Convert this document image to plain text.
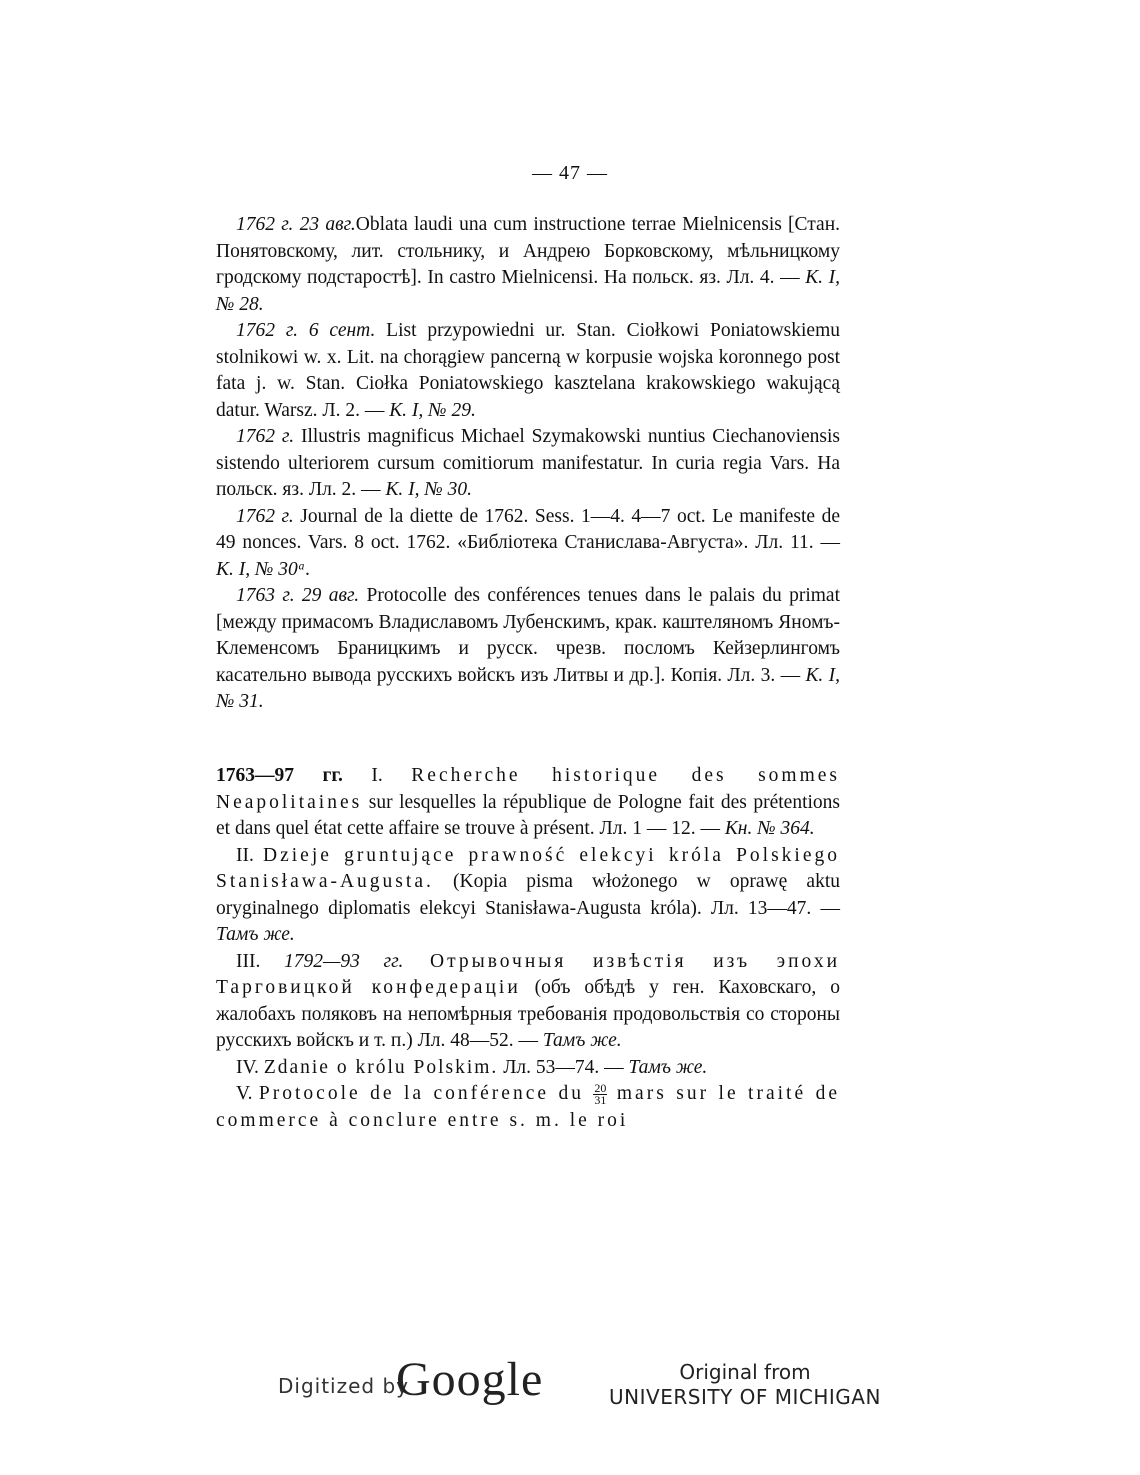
— 47 —

1762 г. 23 авг.Oblata laudi una cum instructione terrae Mielnicensis [Стан. Понятовскому, лит. стольнику, и Андрею Борковскому, мѣльницкому гродскому подстаростѣ]. In castro Mielnicensi. На польск. яз. Лл. 4. — К. I, № 28.

1762 г. 6 сент. List przypowiedni ur. Stan. Ciołkowi Poniatowskiemu stolnikowi w. x. Lit. na chorągiew pancerną w korpusie wojska koronnego post fata j. w. Stan. Ciołka Poniatowskiego kasztelana krakowskiego wakującą datur. Warsz. Л. 2. — К. I, № 29.

1762 г. Illustris magnificus Michael Szymakowski nuntius Ciechanoviensis sistendo ulteriorem cursum comitiorum manifestatur. In curia regia Vars. На польск. яз. Лл. 2. — К. I, № 30.

1762 г. Journal de la diette de 1762. Sess. 1—4. 4—7 oct. Le manifeste de 49 nonces. Vars. 8 oct. 1762. «Библіотека Станислава-Августа». Лл. 11. — К. I, № 30ᵃ.

1763 г. 29 авг. Protocolle des conférences tenues dans le palais du primat [между примасомъ Владиславомъ Лубенскимъ, крак. каштеляномъ Яномъ-Клеменсомъ Браницкимъ и русск. чрезв. посломъ Кейзерлингомъ касательно вывода русскихъ войскъ изъ Литвы и др.]. Копія. Лл. 3. — К. I, № 31.

1763—97 гг. I. Recherche historique des sommes Neapolitaines sur lesquelles la république de Pologne fait des prétentions et dans quel état cette affaire se trouve à présent. Лл. 1 — 12. — Кн. № 364.

II. Dzieje gruntujące prawność elekcyi króla Polskiego Stanisława-Augusta. (Kopia pisma włożonego w oprawę aktu oryginalnego diplomatis elekcyi Stanisława-Augusta króla). Лл. 13—47. — Тамъ же.

III. 1792—93 гг. Отрывочныя извѣстія изъ эпохи Тарговицкой конфедераціи (объ обѣдѣ у ген. Каховскаго, о жалобахъ поляковъ на непомѣрныя требованія продовольствія со стороны русскихъ войскъ и т. п.) Лл. 48—52. — Тамъ же.

IV. Zdanie o królu Polskim. Лл. 53—74. — Тамъ же.

V. Protocole de la conférence du $\frac{20}{31}$ mars sur le traité de commerce à conclure entre s. m. le roi

Digitized by
Google	Original from
UNIVERSITY OF MICHIGAN
